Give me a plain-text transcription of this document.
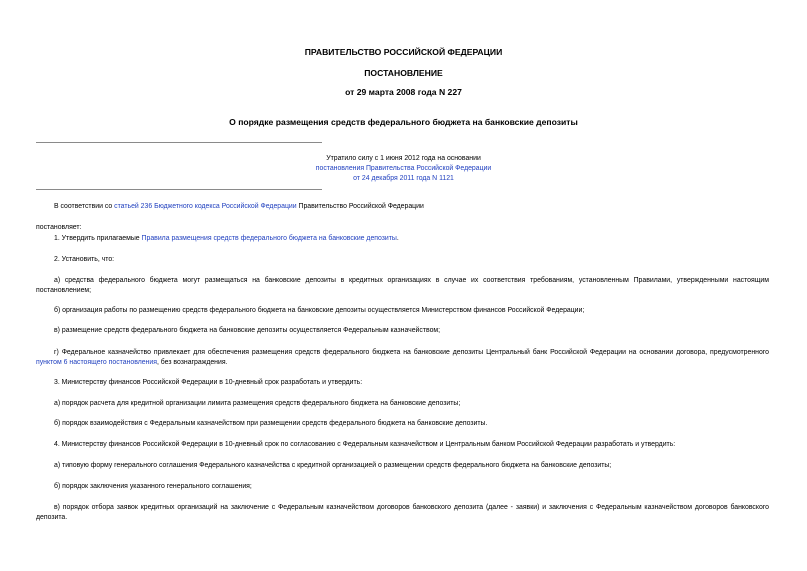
ПРАВИТЕЛЬСТВО РОССИЙСКОЙ ФЕДЕРАЦИИ
ПОСТАНОВЛЕНИЕ
от 29 марта 2008 года N 227
О порядке размещения средств федерального бюджета на банковские депозиты
Утратило силу с 1 июня 2012 года на основании
постановления Правительства Российской Федерации
от 24 декабря 2011 года N 1121
В соответствии со статьей 236 Бюджетного кодекса Российской Федерации Правительство Российской Федерации
постановляет:
1. Утвердить прилагаемые Правила размещения средств федерального бюджета на банковские депозиты.
2. Установить, что:
а) средства федерального бюджета могут размещаться на банковские депозиты в кредитных организациях в случае их соответствия требованиям, установленным Правилами, утвержденными настоящим постановлением;
б) организация работы по размещению средств федерального бюджета на банковские депозиты осуществляется Министерством финансов Российской Федерации;
в) размещение средств федерального бюджета на банковские депозиты осуществляется Федеральным казначейством;
г) Федеральное казначейство привлекает для обеспечения размещения средств федерального бюджета на банковские депозиты Центральный банк Российской Федерации на основании договора, предусмотренного пунктом 6 настоящего постановления, без вознаграждения.
3. Министерству финансов Российской Федерации в 10-дневный срок разработать и утвердить:
а) порядок расчета для кредитной организации лимита размещения средств федерального бюджета на банковские депозиты;
б) порядок взаимодействия с Федеральным казначейством при размещении средств федерального бюджета на банковские депозиты.
4. Министерству финансов Российской Федерации в 10-дневный срок по согласованию с Федеральным казначейством и Центральным банком Российской Федерации разработать и утвердить:
а) типовую форму генерального соглашения Федерального казначейства с кредитной организацией о размещении средств федерального бюджета на банковские депозиты;
б) порядок заключения указанного генерального соглашения;
в) порядок отбора заявок кредитных организаций на заключение с Федеральным казначейством договоров банковского депозита (далее - заявки) и заключения с Федеральным казначейством договоров банковского депозита.
